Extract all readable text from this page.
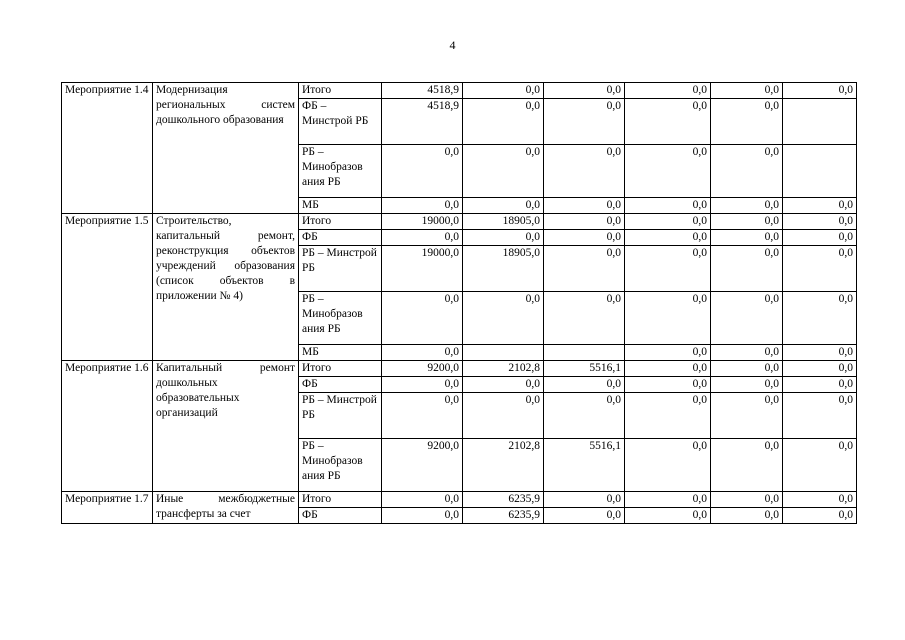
4
Мероприятие 1.4	Модернизация региональных систем дошкольного образования	Итого	4518,9	0,0	0,0	0,0	0,0	0,0
		ФБ – Минстрой РБ	4518,9	0,0	0,0	0,0	0,0	
		РБ – Минобразов ания РБ	0,0	0,0	0,0	0,0	0,0	
		МБ	0,0	0,0	0,0	0,0	0,0	0,0
Мероприятие 1.5	Строительство, капитальный ремонт, реконструкция объектов учреждений образования (список объектов в приложении № 4)	Итого	19000,0	18905,0	0,0	0,0	0,0	0,0
		ФБ	0,0	0,0	0,0	0,0	0,0	0,0
		РБ – Минстрой РБ	19000,0	18905,0	0,0	0,0	0,0	0,0
		РБ – Минобразов ания РБ	0,0	0,0	0,0	0,0	0,0	0,0
		МБ	0,0			0,0	0,0	0,0
Мероприятие 1.6	Капитальный ремонт дошкольных образовательных организаций	Итого	9200,0	2102,8	5516,1	0,0	0,0	0,0
		ФБ	0,0	0,0	0,0	0,0	0,0	0,0
		РБ – Минстрой РБ	0,0	0,0	0,0	0,0	0,0	0,0
		РБ – Минобразов ания РБ	9200,0	2102,8	5516,1	0,0	0,0	0,0
Мероприятие 1.7	Иные межбюджетные трансферты за счет	Итого	0,0	6235,9	0,0	0,0	0,0	0,0
		ФБ	0,0	6235,9	0,0	0,0	0,0	0,0
